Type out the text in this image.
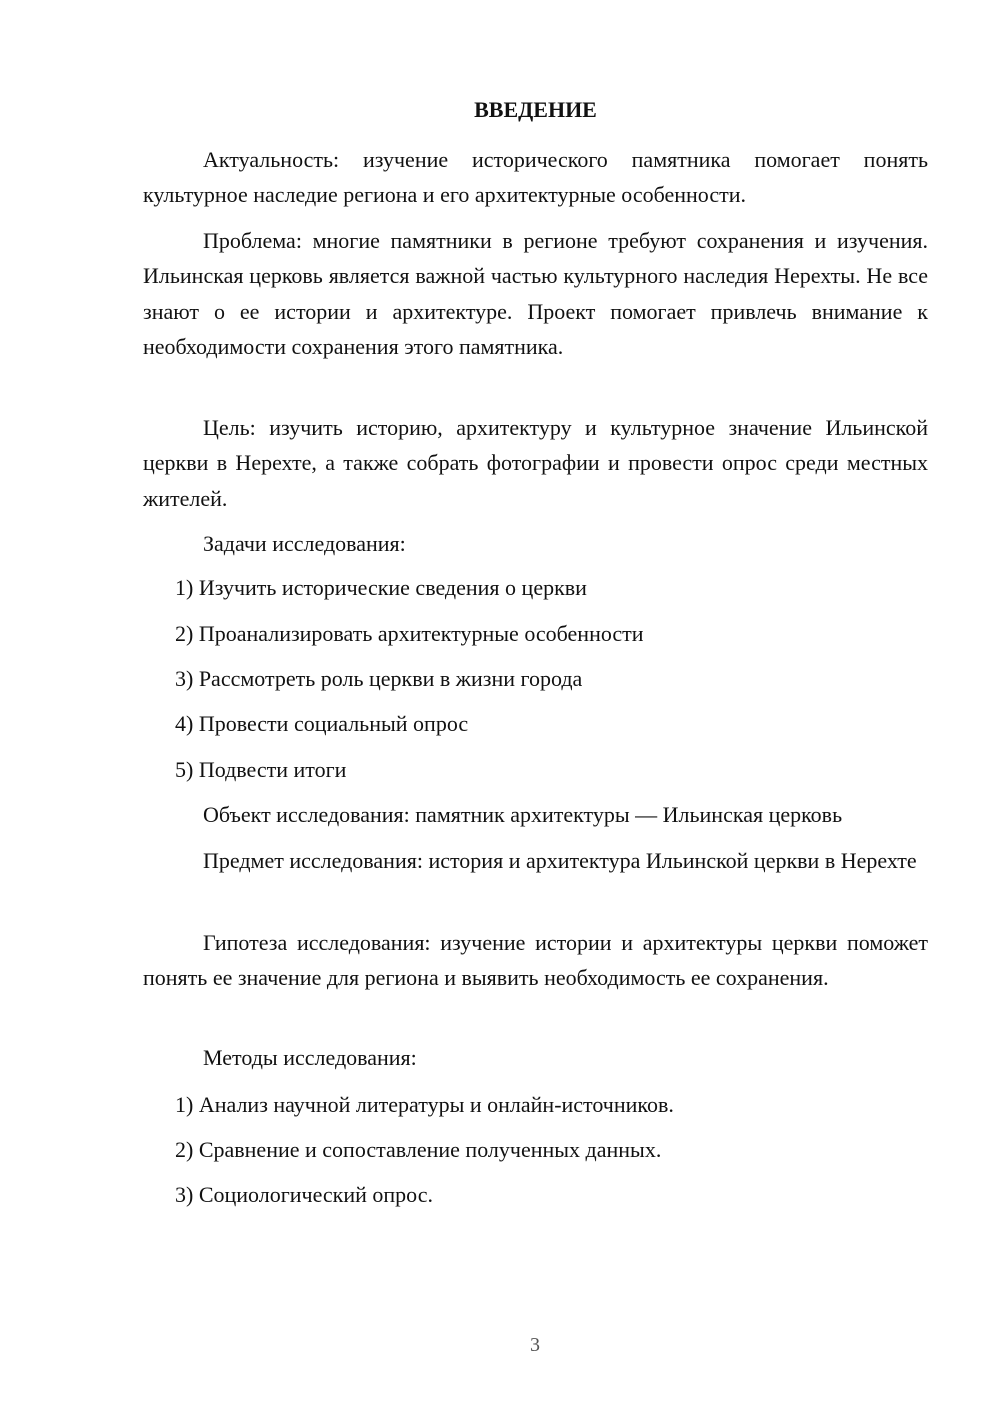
ВВЕДЕНИЕ

Актуальность: изучение исторического памятника помогает понять культурное наследие региона и его архитектурные особенности.

Проблема: многие памятники в регионе требуют сохранения и изучения. Ильинская церковь является важной частью культурного наследия Нерехты. Не все знают о ее истории и архитектуре. Проект помогает привлечь внимание к необходимости сохранения этого памятника.

Цель: изучить историю, архитектуру и культурное значение Ильинской церкви в Нерехте, а также собрать фотографии и провести опрос среди местных жителей.

Задачи исследования:

1) Изучить исторические сведения о церкви

2) Проанализировать архитектурные особенности

3) Рассмотреть роль церкви в жизни города

4) Провести социальный опрос

5) Подвести итоги

Объект исследования: памятник архитектуры — Ильинская церковь

Предмет исследования: история и архитектура Ильинской церкви в Нерехте

Гипотеза исследования: изучение истории и архитектуры церкви поможет понять ее значение для региона и выявить необходимость ее сохранения.

Методы исследования:

1) Анализ научной литературы и онлайн-источников.

2) Сравнение и сопоставление полученных данных.

3) Социологический опрос.

3
